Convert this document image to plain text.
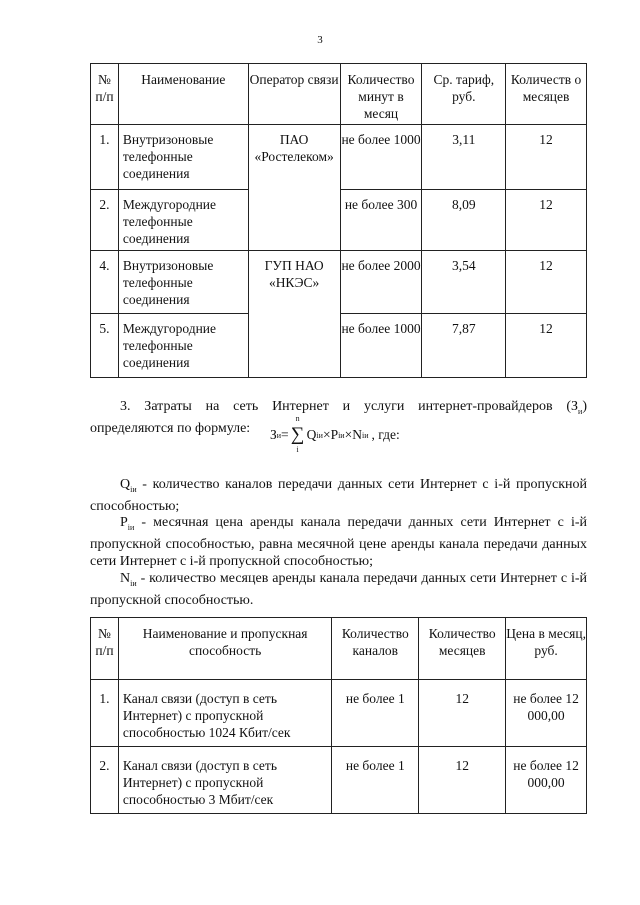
3
№ п/п	Наименование	Оператор связи	Количество минут в месяц	Ср. тариф, руб.	Количеств о месяцев
1.	Внутризоновые телефонные соединения	ПАО «Ростелеком»	не более 1000	3,11	12
2.	Междугородние телефонные соединения		не более 300	8,09	12
4.	Внутризоновые телефонные соединения	ГУП НАО «НКЭС»	не более 2000	3,54	12
5.	Междугородние телефонные соединения		не более 1000	7,87	12
3. Затраты на сеть Интернет и услуги интернет-провайдеров $(З_и)$ определяются по формуле:	З и = ∑
n
i
Q iи × P iи × N iи , где:
$Q_{iи}$ - количество каналов передачи данных сети Интернет с i-й пропускной способностью;
$P_{iи}$ - месячная цена аренды канала передачи данных сети Интернет с i-й пропускной способностью, равна месячной цене аренды канала передачи данных сети Интернет с i-й пропускной способностью;
$N_{iи}$ - количество месяцев аренды канала передачи данных сети Интернет с i-й пропускной способностью.
№ п/п	Наименование и пропускная способность	Количество каналов	Количество месяцев	Цена в месяц, руб.
1.	Канал связи (доступ в сеть Интернет) с пропускной способностью 1024 Кбит/сек	не более 1	12	не более 12 000,00
2.	Канал связи (доступ в сеть Интернет) с пропускной способностью 3 Мбит/сек	не более 1	12	не более 12 000,00
